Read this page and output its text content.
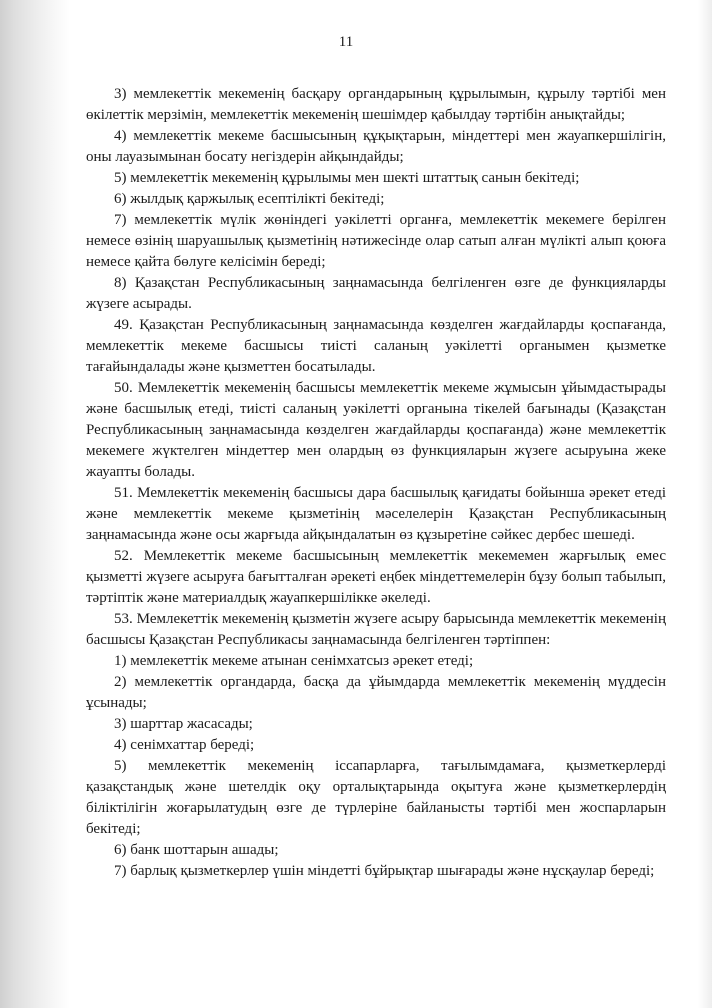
11

3) мемлекеттік мекеменің басқару органдарының құрылымын, құрылу тәртібі мен өкілеттік мерзімін, мемлекеттік мекеменің шешімдер қабылдау тәртібін анықтайды;

4) мемлекеттік мекеме басшысының құқықтарын, міндеттері мен жауапкершілігін, оны лауазымынан босату негіздерін айқындайды;

5) мемлекеттік мекеменің құрылымы мен шекті штаттық санын бекітеді;

6) жылдық қаржылық есептілікті бекітеді;

7) мемлекеттік мүлік жөніндегі уәкілетті органға, мемлекеттік мекемеге берілген немесе өзінің шаруашылық қызметінің нәтижесінде олар сатып алған мүлікті алып қоюға немесе қайта бөлуге келісімін береді;

8) Қазақстан Республикасының заңнамасында белгіленген өзге де функцияларды жүзеге асырады.

49. Қазақстан Республикасының заңнамасында көзделген жағдайларды қоспағанда, мемлекеттік мекеме басшысы тиісті саланың уәкілетті органымен қызметке тағайындалады және қызметтен босатылады.

50. Мемлекеттік мекеменің басшысы мемлекеттік мекеме жұмысын ұйымдастырады және басшылық етеді, тиісті саланың уәкілетті органына тікелей бағынады (Қазақстан Республикасының заңнамасында көзделген жағдайларды қоспағанда) және мемлекеттік мекемеге жүктелген міндеттер мен олардың өз функцияларын жүзеге асыруына жеке жауапты болады.

51. Мемлекеттік мекеменің басшысы дара басшылық қағидаты бойынша әрекет етеді және мемлекеттік мекеме қызметінің мәселелерін Қазақстан Республикасының заңнамасында және осы жарғыда айқындалатын өз құзыретіне сәйкес дербес шешеді.

52. Мемлекеттік мекеме басшысының мемлекеттік мекемемен жарғылық емес қызметті жүзеге асыруға бағытталған әрекеті еңбек міндеттемелерін бұзу болып табылып, тәртіптік және материалдық жауапкершілікке әкеледі.

53. Мемлекеттік мекеменің қызметін жүзеге асыру барысында мемлекеттік мекеменің басшысы Қазақстан Республикасы заңнамасында белгіленген тәртіппен:

1) мемлекеттік мекеме атынан сенімхатсыз әрекет етеді;

2) мемлекеттік органдарда, басқа да ұйымдарда мемлекеттік мекеменің мүддесін ұсынады;

3) шарттар жасасады;

4) сенімхаттар береді;

5) мемлекеттік мекеменің іссапарларға, тағылымдамаға, қызметкерлерді қазақстандық және шетелдік оқу орталықтарында оқытуға және қызметкерлердің біліктілігін жоғарылатудың өзге де түрлеріне байланысты тәртібі мен жоспарларын бекітеді;

6) банк шоттарын ашады;

7) барлық қызметкерлер үшін міндетті бұйрықтар шығарады және нұсқаулар береді;
